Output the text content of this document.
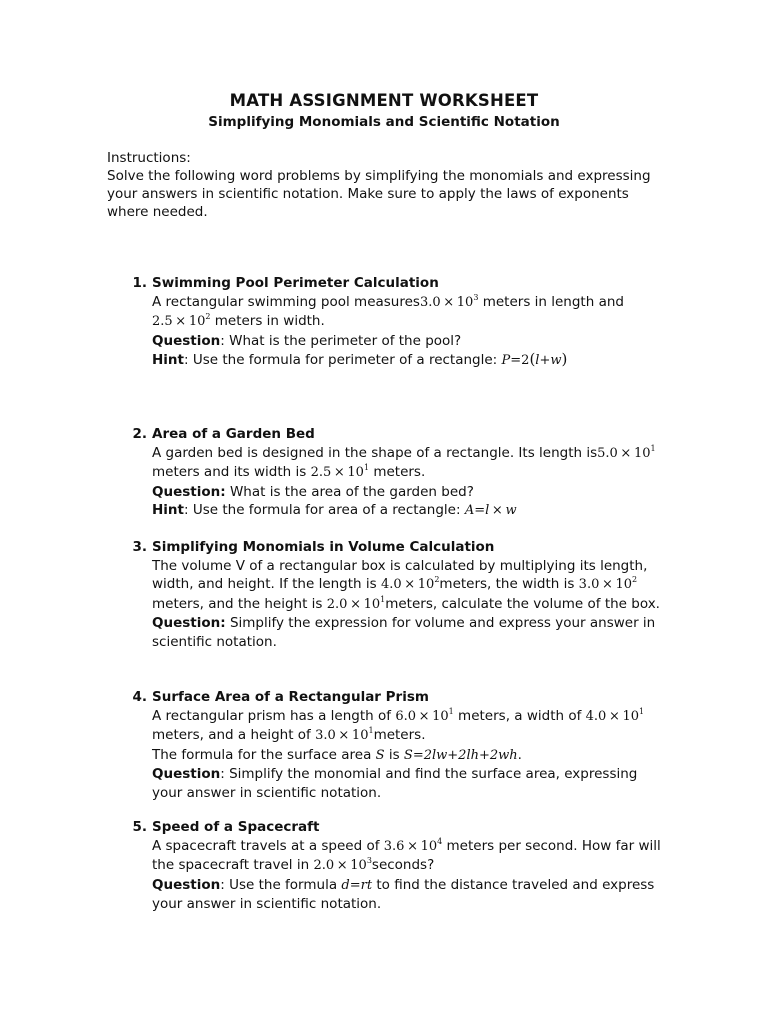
MATH ASSIGNMENT WORKSHEET
Simplifying Monomials and Scientific Notation
Instructions:
Solve the following word problems by simplifying the monomials and expressing your answers in scientific notation. Make sure to apply the laws of exponents where needed.
1. Swimming Pool Perimeter Calculation
A rectangular swimming pool measures3.0  ×  $10^3$ meters in length and
$2.5 \times 10^2$ meters in width.
Question: What is the perimeter of the pool?
Hint: Use the formula for perimeter of a rectangle: P=2(l+w)
2. Area of a Garden Bed
A garden bed is designed in the shape of a rectangle. Its length $is5.0 \times 10^1$
meters and its width is $2.5 \times 10^1$ meters.
Question: What is the area of the garden bed?
Hint: Use the formula for area of a rectangle: A=l  ×  w
3. Simplifying Monomials in Volume Calculation
The volume V of a rectangular box is calculated by multiplying its length, width, and height. If the length is $4.0 \times 10^2meters$, the width is $3.0 \times 10^2$
meters, and the height is $2.0 \times 10^1meters$, calculate the volume of the box.
Question: Simplify the expression for volume and express your answer in scientific notation.
4. Surface Area of a Rectangular Prism
A rectangular prism has a length of $6.0 \times 10^1$ meters, a width of $4.0 \times 10^1$
meters, and a height of $3.0 \times 10^1meters$.
The formula for the surface area S is S=2lw+2lh+2wh.
Question: Simplify the monomial and find the surface area, expressing your answer in scientific notation.
5. Speed of a Spacecraft
A spacecraft travels at a speed of $3.6 \times 10^4$ meters per second. How far will the spacecraft travel in $2.0 \times 10^3seconds$?
Question: Use the formula d=rt to find the distance traveled and express your answer in scientific notation.
